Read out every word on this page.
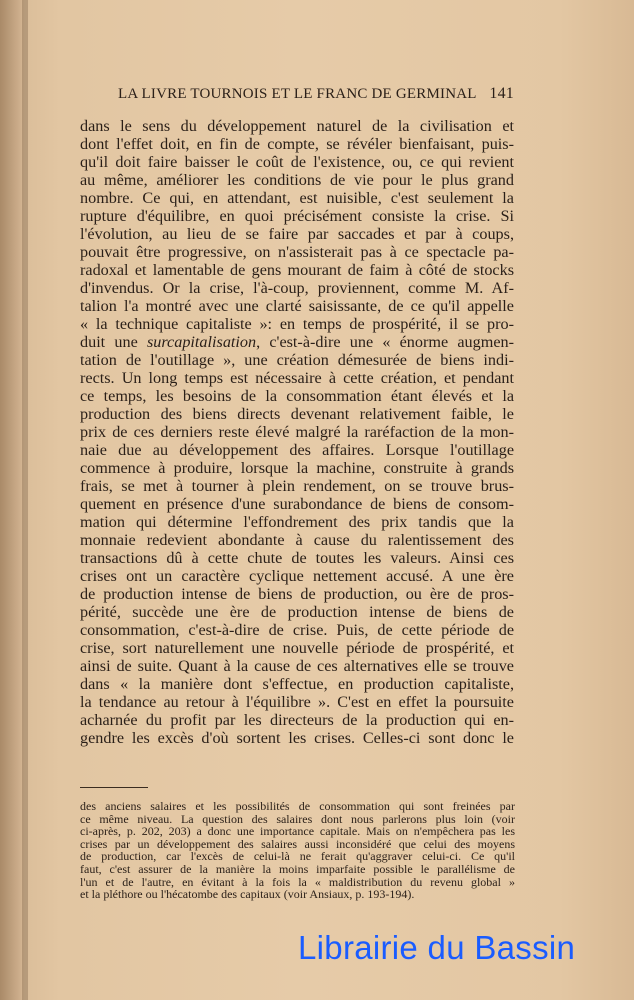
LA LIVRE TOURNOIS ET LE FRANC DE GERMINAL 141
dans le sens du développement naturel de la civilisation et
dont l'effet doit, en fin de compte, se révéler bienfaisant, puis-
qu'il doit faire baisser le coût de l'existence, ou, ce qui revient
au même, améliorer les conditions de vie pour le plus grand
nombre. Ce qui, en attendant, est nuisible, c'est seulement la
rupture d'équilibre, en quoi précisément consiste la crise. Si
l'évolution, au lieu de se faire par saccades et par à coups,
pouvait être progressive, on n'assisterait pas à ce spectacle pa-
radoxal et lamentable de gens mourant de faim à côté de stocks
d'invendus. Or la crise, l'à-coup, proviennent, comme M. Af-
talion l'a montré avec une clarté saisissante, de ce qu'il appelle
« la technique capitaliste »: en temps de prospérité, il se pro-
duit une surcapitalisation, c'est-à-dire une « énorme augmen-
tation de l'outillage », une création démesurée de biens indi-
rects. Un long temps est nécessaire à cette création, et pendant
ce temps, les besoins de la consommation étant élevés et la
production des biens directs devenant relativement faible, le
prix de ces derniers reste élevé malgré la raréfaction de la mon-
naie due au développement des affaires. Lorsque l'outillage
commence à produire, lorsque la machine, construite à grands
frais, se met à tourner à plein rendement, on se trouve brus-
quement en présence d'une surabondance de biens de consom-
mation qui détermine l'effondrement des prix tandis que la
monnaie redevient abondante à cause du ralentissement des
transactions dû à cette chute de toutes les valeurs. Ainsi ces
crises ont un caractère cyclique nettement accusé. A une ère
de production intense de biens de production, ou ère de pros-
périté, succède une ère de production intense de biens de
consommation, c'est-à-dire de crise. Puis, de cette période de
crise, sort naturellement une nouvelle période de prospérité, et
ainsi de suite. Quant à la cause de ces alternatives elle se trouve
dans « la manière dont s'effectue, en production capitaliste,
la tendance au retour à l'équilibre ». C'est en effet la poursuite
acharnée du profit par les directeurs de la production qui en-
gendre les excès d'où sortent les crises. Celles-ci sont donc le
des anciens salaires et les possibilités de consommation qui sont freinées par
ce même niveau. La question des salaires dont nous parlerons plus loin (voir
ci-après, p. 202, 203) a donc une importance capitale. Mais on n'empêchera pas les
crises par un développement des salaires aussi inconsidéré que celui des moyens
de production, car l'excès de celui-là ne ferait qu'aggraver celui-ci. Ce qu'il
faut, c'est assurer de la manière la moins imparfaite possible le parallélisme de
l'un et de l'autre, en évitant à la fois la « maldistribution du revenu global »
et la pléthore ou l'hécatombe des capitaux (voir Ansiaux, p. 193-194).
Librairie du Bassin
